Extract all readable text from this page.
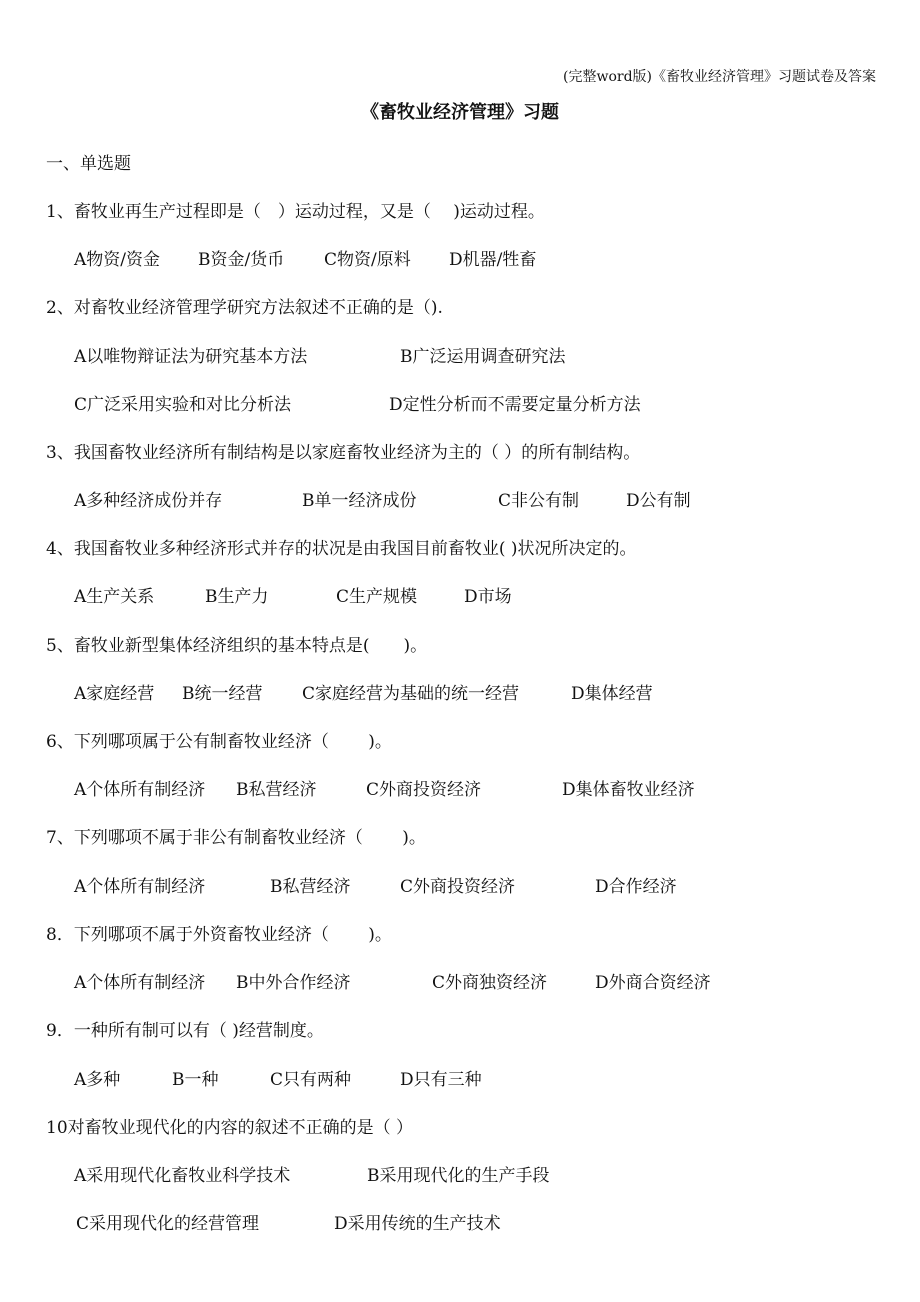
(完整word版)《畜牧业经济管理》习题试卷及答案
《畜牧业经济管理》习题
一、单选题
1、畜牧业再生产过程即是（　）运动过程，又是（　 )运动过程。
A物资/资金 B资金/货币 C物资/原料 D机器/牲畜
2、对畜牧业经济管理学研究方法叙述不正确的是（).
A以唯物辩证法为研究基本方法	B广泛运用调查研究法
C广泛采用实验和对比分析法	D定性分析而不需要定量分析方法
3、我国畜牧业经济所有制结构是以家庭畜牧业经济为主的（ ）的所有制结构。
A多种经济成份并存	B单一经济成份	C非公有制	D公有制
4、我国畜牧业多种经济形式并存的状况是由我国目前畜牧业( )状况所决定的。
A生产关系	B生产力	C生产规模	D市场
5、畜牧业新型集体经济组织的基本特点是(　　)。
A家庭经营 B统一经营 C家庭经营为基础的统一经营	D集体经营
6、下列哪项属于公有制畜牧业经济（　　 )。
A个体所有制经济 B私营经济	C外商投资经济	D集体畜牧业经济
7、下列哪项不属于非公有制畜牧业经济（　　 )。
A个体所有制经济	B私营经济	C外商投资经济	D合作经济
8．下列哪项不属于外资畜牧业经济（　　 )。
A个体所有制经济 B中外合作经济	C外商独资经济	D外商合资经济
9．一种所有制可以有（ )经营制度。
A多种	B一种	C只有两种	D只有三种
10对畜牧业现代化的内容的叙述不正确的是（ ）
A采用现代化畜牧业科学技术	B采用现代化的生产手段
C采用现代化的经营管理	D采用传统的生产技术
